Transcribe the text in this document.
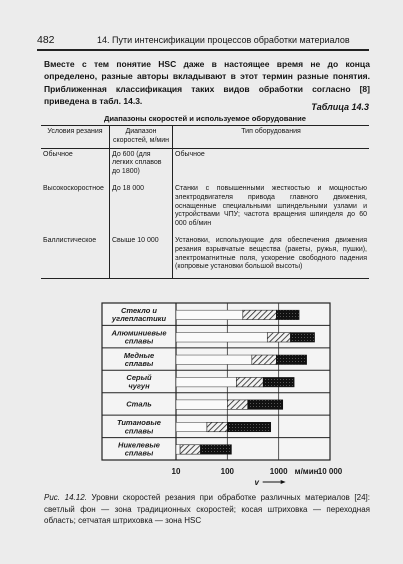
482	14. Пути интенсификации процессов обработки материалов
Вместе с тем понятие HSC даже в настоящее время не до конца определено, разные авторы вкладывают в этот термин разные понятия. Приближенная классификация таких видов обработки согласно [8] приведена в табл. 14.3.
Таблица 14.3
Диапазоны скоростей и используемое оборудование
Условия резания	Диапазон скоростей, м/мин	Тип оборудования
Обычное	До 600 (для легких сплавов до 1800)	Обычное
Высокоскоростное	До 18 000	Станки с повышенными жесткостью и мощностью электродвигателя привода главного движения, оснащенные специальными шпиндельными узлами и устройствами ЧПУ; частота вращения шпинделя до 60 000 об/мин
Баллистическое	Свыше 10 000	Установки, использующие для обеспечения движения резания взрывчатые вещества (ракеты, ружья, пушки), электромагнитные поля, ускорение свободного падения (копровые установки большой высоты)
Стекло и углепластики
Алюминиевые сплавы
Медные сплавы
Серый чугун
Сталь
Титановые сплавы
Никелевые сплавы
10	100	1000	10 000
м/мин
v
Рис. 14.12. Уровни скоростей резания при обработке различных материалов [24]: светлый фон — зона традиционных скоростей; косая штриховка — переходная область; сетчатая штриховка — зона HSC
